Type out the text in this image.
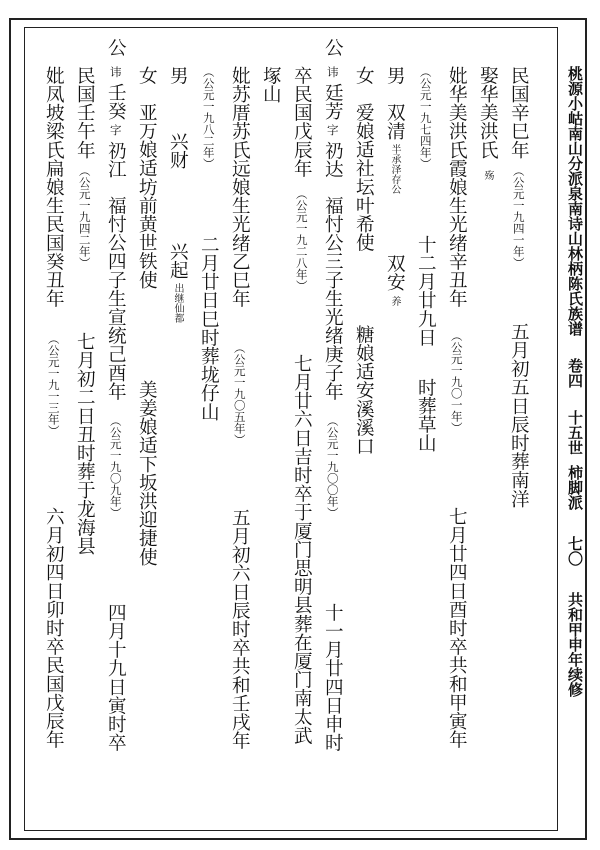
桃源小岵南山分派泉南诗山林柄陈氏族谱卷四十五世柿脚派七〇共和甲申年续修
民国辛巳年
（公元一九四一年）
五月初五日辰时葬南洋
娶华美洪氏
殇
妣华美洪氏霞娘生光绪辛丑年
（公元一九〇一年）
七月廿四日酉时卒共和甲寅年
（公元一九七四年）
十二月廿九日
时葬草山
男
双清
半承泽存公
双安
养
女
爱娘适社坛叶希使
糖娘适安溪溪口
公
讳
廷芳
字
礽达
福忖公三子生光绪庚子年
（公元一九〇〇年）
十一月廿四日申时
卒民国戊辰年
（公元一九二八年）
七月廿六日吉时卒于厦门思明县葬在厦门南太武
塚山
妣苏厝苏氏远娘生光绪乙巳年
（公元一九〇五年）
五月初六日辰时卒共和壬戌年
（公元一九八二年）
二月廿日巳时葬垅仔山
男
兴财
兴起
出继仙都
女
亚万娘适坊前黄世铁使
美姜娘适下坂洪迎捷使
公
讳
壬癸
字
礽江
福忖公四子生宣统己酉年
（公元一九〇九年）
四月十九日寅时卒
民国壬午年
（公元一九四二年）
七月初二日丑时葬于龙海县
妣凤坡梁氏扁娘生民国癸丑年
（公元一九一三年）
六月初四日卯时卒民国戊辰年
